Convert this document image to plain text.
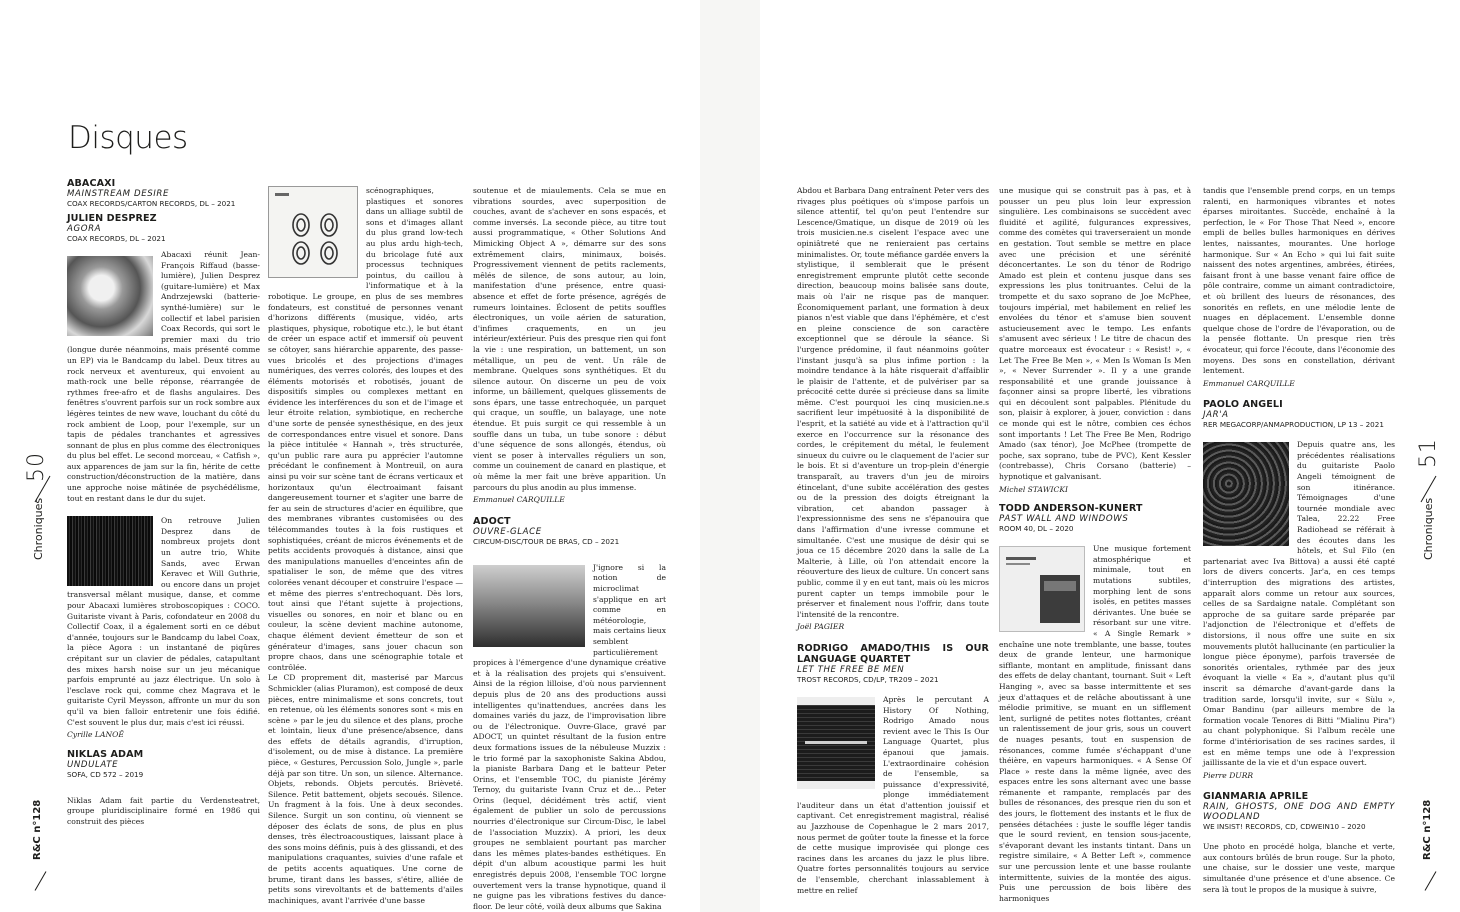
Disques
50
Chroniques
R&C n°128
ABACAXI
MAINSTREAM DESIRE
COAX RECORDS/CARTON RECORDS, DL – 2021
JULIEN DESPREZ
AGORA
COAX RECORDS, DL – 2021

Abacaxi réunit Jean-François Riffaud (basse-lumière), Julien Desprez (guitare-lumière) et Max Andrzejewski (batterie-synthé-lumière) sur le collectif et label parisien Coax Records, qui sort le premier maxi du trio (longue durée néanmoins, mais présenté comme un EP) via le Bandcamp du label. Deux titres au rock nerveux et aventureux, qui envoient au math-rock une belle réponse, réarrangée de rythmes free-afro et de flashs angulaires. Des fenêtres s'ouvrent parfois sur un rock sombre aux légères teintes de new wave, louchant du côté du rock ambient de Loop, pour l'exemple, sur un tapis de pédales tranchantes et agressives sonnant de plus en plus comme des électroniques du plus bel effet. Le second morceau, « Catfish », aux apparences de jam sur la fin, hérite de cette construction/déconstruction de la matière, dans une approche noise mâtinée de psychédélisme, tout en restant dans le dur du sujet.

On retrouve Julien Desprez dans de nombreux projets dont un autre trio, White Sands, avec Erwan Keravec et Will Guthrie, ou encore dans un projet transversal mêlant musique, danse, et comme pour Abacaxi lumières stroboscopiques : COCO. Guitariste vivant à Paris, cofondateur en 2008 du Collectif Coax, il a également sorti en ce début d'année, toujours sur le Bandcamp du label Coax, la pièce Agora : un instantané de piqûres crépitant sur un clavier de pédales, catapultant des mixes harsh noise sur un jeu mécanique parfois emprunté au jazz électrique. Un solo à l'esclave rock qui, comme chez Magrava et le guitariste Cyril Meysson, affronte un mur du son qu'il va bien falloir entretenir une fois édifié. C'est souvent le plus dur, mais c'est ici réussi.

Cyrille LANOË

NIKLAS ADAM
UNDULATE
SOFA, CD 572 – 2019

Niklas Adam fait partie du Verdensteatret, groupe pluridisciplinaire formé en 1986 qui construit des pièces

scénographiques, plastiques et sonores dans un alliage subtil de sons et d'images allant du plus grand low-tech au plus ardu high-tech, du bricolage futé aux processus techniques pointus, du caillou à l'informatique et à la robotique. Le groupe, en plus de ses membres fondateurs, est constitué de personnes venant d'horizons différents (musique, vidéo, arts plastiques, physique, robotique etc.), le but étant de créer un espace actif et immersif où peuvent se côtoyer, sans hiérarchie apparente, des passe-vues bricolés et des projections d'images numériques, des verres colorés, des loupes et des éléments motorisés et robotisés, jouant de dispositifs simples ou complexes mettant en évidence les interférences du son et de l'image et leur étroite relation, symbiotique, en recherche d'une sorte de pensée synesthésique, en des jeux de correspondances entre visuel et sonore. Dans la pièce intitulée « Hannah », très structurée, qu'un public rare aura pu apprécier l'automne précédant le confinement à Montreuil, on aura ainsi pu voir sur scène tant de écrans verticaux et horizontaux qu'un électroaimant faisant dangereusement tourner et s'agiter une barre de fer au sein de structures d'acier en équilibre, que des membranes vibrantes customisées ou des télécommandes toutes à la fois rustiques et sophistiquées, créant de micros événements et de petits accidents provoqués à distance, ainsi que des manipulations manuelles d'enceintes afin de spatialiser le son, de même que des vitres colorées venant découper et construire l'espace — et même des pierres s'entrechoquant. Dès lors, tout ainsi que l'étant sujette à projections, visuelles ou sonores, en noir et blanc ou en couleur, la scène devient machine autonome, chaque élément devient émetteur de son et générateur d'images, sans jouer chacun son propre chaos, dans une scénographie totale et contrôlée.

Le CD proprement dit, masterisé par Marcus Schmickler (alias Pluramon), est composé de deux pièces, entre minimalisme et sons concrets, tout en retenue, où les éléments sonores sont « mis en scène » par le jeu du silence et des plans, proche et lointain, lieux d'une présence/absence, dans des effets de détails agrandis, d'irruption, d'isolement, ou de mise à distance. La première pièce, « Gestures, Percussion Solo, Jungle », parle déjà par son titre. Un son, un silence. Alternance. Objets, rebonds. Objets percutés. Brièveté. Silence. Petit battement, objets secoués. Silence. Un fragment à la fois. Une à deux secondes. Silence. Surgit un son continu, où viennent se déposer des éclats de sons, de plus en plus denses, très électroacoustiques, laissant place à des sons moins définis, puis à des glissandi, et des manipulations craquantes, suivies d'une rafale et de petits accents aquatiques. Une corne de brume, tirant dans les basses, s'étire, alliée de petits sons virevoltants et de battements d'ailes machiniques, avant l'arrivée d'une basse

soutenue et de miaulements. Cela se mue en vibrations sourdes, avec superposition de couches, avant de s'achever en sons espacés, et comme inversés. La seconde pièce, au titre tout aussi programmatique, « Other Solutions And Mimicking Object A », démarre sur des sons extrêmement clairs, minimaux, boisés. Progressivement viennent de petits raclements, mêlés de silence, de sons autour, au loin, manifestation d'une présence, entre quasi-absence et effet de forte présence, agrégés de rumeurs lointaines. Éclosent de petits souffles électroniques, un voile aérien de saturation, d'infimes craquements, en un jeu intérieur/extérieur. Puis des presque rien qui font la vie : une respiration, un battement, un son métallique, un peu de vent. Un râle de membrane. Quelques sons synthétiques. Et du silence autour. On discerne un peu de voix informe, un bâillement, quelques glissements de sons épars, une tasse entrechoquée, un parquet qui craque, un souffle, un balayage, une note étendue. Et puis surgit ce qui ressemble à un souffle dans un tuba, un tube sonore : début d'une séquence de sons allongés, étendus, où vient se poser à intervalles réguliers un son, comme un couinement de canard en plastique, et où même la mer fait une brève apparition. Un parcours du plus anodin au plus immense.

Emmanuel CARQUILLE

ADOCT
OUVRE-GLACE
CIRCUM-DISC/TOUR DE BRAS, CD – 2021

J'ignore si la notion de microclimat s'applique en art comme en météorologie, mais certains lieux semblent particulièrement propices à l'émergence d'une dynamique créative et à la réalisation des projets qui s'ensuivent. Ainsi de la région lilloise, d'où nous parviennent depuis plus de 20 ans des productions aussi intelligentes qu'inattendues, ancrées dans les domaines variés du jazz, de l'improvisation libre ou de l'électronique. Ouvre-Glace, gravé par ADOCT, un quintet résultant de la fusion entre deux formations issues de la nébuleuse Muzzix : le trio formé par la saxophoniste Sakina Abdou, la pianiste Barbara Dang et le batteur Peter Orins, et l'ensemble TOC, du pianiste Jérémy Ternoy, du guitariste Ivann Cruz et de… Peter Orins (lequel, décidément très actif, vient également de publier un solo de percussions nourries d'électronique sur Circum-Disc, le label de l'association Muzzix). A priori, les deux groupes ne semblaient pourtant pas marcher dans les mêmes plates-bandes esthétiques. En dépit d'un album acoustique parmi les huit enregistrés depuis 2008, l'ensemble TOC lorgne ouvertement vers la transe hypnotique, quand il ne guigne pas les vibrations festives du dance-floor. De leur côté, voilà deux albums que Sakina

Abdou et Barbara Dang entraînent Peter vers des rivages plus poétiques où s'impose parfois un silence attentif, tel qu'on peut l'entendre sur Lescence/Gmatique, un disque de 2019 où les trois musicien.ne.s ciselent l'espace avec une opiniâtreté que ne renieraient pas certains minimalistes. Or, toute méfiance gardée envers la stylistique, il semblerait que le présent enregistrement emprunte plutôt cette seconde direction, beaucoup moins balisée sans doute, mais où l'air ne risque pas de manquer. Économiquement parlant, une formation à deux pianos n'est viable que dans l'éphémère, et c'est en pleine conscience de son caractère exceptionnel que se déroule la séance. Si l'urgence prédomine, il faut néanmoins goûter l'instant jusqu'à sa plus infime portion : la moindre tendance à la hâte risquerait d'affaiblir le plaisir de l'attente, et de pulvériser par sa précocité cette durée si précieuse dans sa limite même. C'est pourquoi les cinq musicien.ne.s sacrifient leur impétuosité à la disponibilité de l'esprit, et la satiété au vide et à l'attraction qu'il exerce en l'occurrence sur la résonance des cordes, le crépitement du métal, le feulement sinueux du cuivre ou le claquement de l'acier sur le bois. Et si d'aventure un trop-plein d'énergie transparaît, au travers d'un jeu de miroirs étincelant, d'une subite accélération des gestes ou de la pression des doigts étreignant la vibration, cet abandon passager à l'expressionnisme des sens ne s'épanouira que dans l'affirmation d'une ivresse commune et simultanée. C'est une musique de désir qui se joua ce 15 décembre 2020 dans la salle de La Malterie, à Lille, où l'on attendait encore la réouverture des lieux de culture. Un concert sans public, comme il y en eut tant, mais où les micros purent capter un temps immobile pour le préserver et finalement nous l'offrir, dans toute l'intensité de la rencontre.

Joël PAGIER

RODRIGO AMADO/THIS IS OUR LANGUAGE QUARTET
LET THE FREE BE MEN
TROST RECORDS, CD/LP, TR209 – 2021

Après le percutant A History Of Nothing, Rodrigo Amado nous revient avec le This Is Our Language Quartet, plus épanoui que jamais. L'extraordinaire cohésion de l'ensemble, sa puissance d'expressivité, plonge immédiatement l'auditeur dans un état d'attention jouissif et captivant. Cet enregistrement magistral, réalisé au Jazzhouse de Copenhague le 2 mars 2017, nous permet de goûter toute la finesse et la force de cette musique improvisée qui plonge ces racines dans les arcanes du jazz le plus libre. Quatre fortes personnalités toujours au service de l'ensemble, cherchant inlassablement à mettre en relief

une musique qui se construit pas à pas, et à pousser un peu plus loin leur expression singulière. Les combinaisons se succèdent avec fluidité et agilité, fulgurances expressives, comme des comètes qui traverseraient un monde en gestation. Tout semble se mettre en place avec une précision et une sérénité déconcertantes. Le son du ténor de Rodrigo Amado est plein et contenu jusque dans ses expressions les plus tonitruantes. Celui de la trompette et du saxo soprano de Joe McPhee, toujours impérial, met habilement en relief les envolées du ténor et s'amuse bien souvent astucieusement avec le tempo. Les enfants s'amusent avec sérieux ! Le titre de chacun des quatre morceaux est évocateur : « Resist! », « Let The Free Be Men », « Men Is Woman Is Men », « Never Surrender ». Il y a une grande responsabilité et une grande jouissance à façonner ainsi sa propre liberté, les vibrations qui en découlent sont palpables. Plénitude du son, plaisir à explorer, à jouer, conviction : dans ce monde qui est le nôtre, combien ces échos sont importants ! Let The Free Be Men, Rodrigo Amado (sax ténor), Joe McPhee (trompette de poche, sax soprano, tube de PVC), Kent Kessler (contrebasse), Chris Corsano (batterie) – hypnotique et galvanisant.

Michel STAWICKI

TODD ANDERSON-KUNERT
PAST WALL AND WINDOWS
ROOM 40, DL – 2020

Une musique fortement atmosphérique et minimale, tout en mutations subtiles, morphing lent de sons isolés, en petites masses dérivantes. Une buée se résorbant sur une vitre. « A Single Remark » enchaîne une note tremblante, une basse, toutes deux de grande lenteur, une harmonique sifflante, montant en amplitude, finissant dans des effets de delay chantant, tournant. Suit « Left Hanging », avec sa basse intermittente et ses jeux d'attaques et de relâche aboutissant à une mélodie primitive, se muant en un sifflement lent, surligné de petites notes flottantes, créant un ralentissement de jour gris, sous un couvert de nuages pesants, tout en suspension de résonances, comme fumée s'échappant d'une théière, en vapeurs harmoniques. « A Sense Of Place » reste dans la même lignée, avec des espaces entre les sons alternant avec une basse rémanente et rampante, remplacés par des bulles de résonances, des presque rien du son et des jours, le flottement des instants et le flux de pensées détachées : juste le souffle léger tandis que le sourd revient, en tension sous-jacente, s'évaporant devant les instants tintant. Dans un registre similaire, « A Better Left », commence sur une percussion lente et une basse roulante intermittente, suivies de la montée des aigus. Puis une percussion de bois libère des harmoniques

tandis que l'ensemble prend corps, en un temps ralenti, en harmoniques vibrantes et notes éparses miroitantes. Succède, enchaîné à la perfection, le « For Those That Need », encore empli de belles bulles harmoniques en dérives lentes, naissantes, mourantes. Une horloge harmonique. Sur « An Echo » qui lui fait suite naissent des notes argentines, ambrées, étirées, faisant front à une basse venant faire office de pôle contraire, comme un aimant contradictoire, et où brillent des lueurs de résonances, des sonorités en reflets, en une mélodie lente de nuages en déplacement. L'ensemble donne quelque chose de l'ordre de l'évaporation, ou de la pensée flottante. Un presque rien très évocateur, qui force l'écoute, dans l'économie des moyens. Des sons en constellation, dérivant lentement.

Emmanuel CARQUILLE

PAOLO ANGELI
JAR'A
RER MEGACORP/ANMAPRODUCTION, LP 13 – 2021

Depuis quatre ans, les précédentes réalisations du guitariste Paolo Angeli témoignent de son itinérance. Témoignages d'une tournée mondiale avec Talea, 22.22 Free Radiohead se référait à des écoutes dans les hôtels, et Sul Filo (en partenariat avec Iva Bittova) a aussi été capté lors de divers concerts. Jar'a, en ces temps d'interruption des migrations des artistes, apparaît alors comme un retour aux sources, celles de sa Sardaigne natale. Complétant son approche de sa guitare sarde préparée par l'adjonction de l'électronique et d'effets de distorsions, il nous offre une suite en six mouvements plutôt hallucinante (en particulier la longue pièce éponyme), parfois traversée de sonorités orientales, rythmée par des jeux évoquant la vielle « Ea », d'autant plus qu'il inscrit sa démarche d'avant-garde dans la tradition sarde, lorsqu'il invite, sur « Sùlu », Omar Bandinu (par ailleurs membre de la formation vocale Tenores di Bitti "Mialinu Pira") au chant polyphonique. Si l'album recèle une forme d'intériorisation de ses racines sardes, il est en même temps une ode à l'expression jaillissante de la vie et d'un espace ouvert.

Pierre DURR

GIANMARIA APRILE
RAIN, GHOSTS, ONE DOG AND EMPTY WOODLAND
WE INSIST! RECORDS, CD, CDWEIN10 – 2020

Une photo en procédé holga, blanche et verte, aux contours brûlés de brun rouge. Sur la photo, une chaise, sur le dossier une veste, marque simultanée d'une présence et d'une absence. Ce sera là tout le propos de la musique à suivre,

51
Chroniques
R&C n°128
